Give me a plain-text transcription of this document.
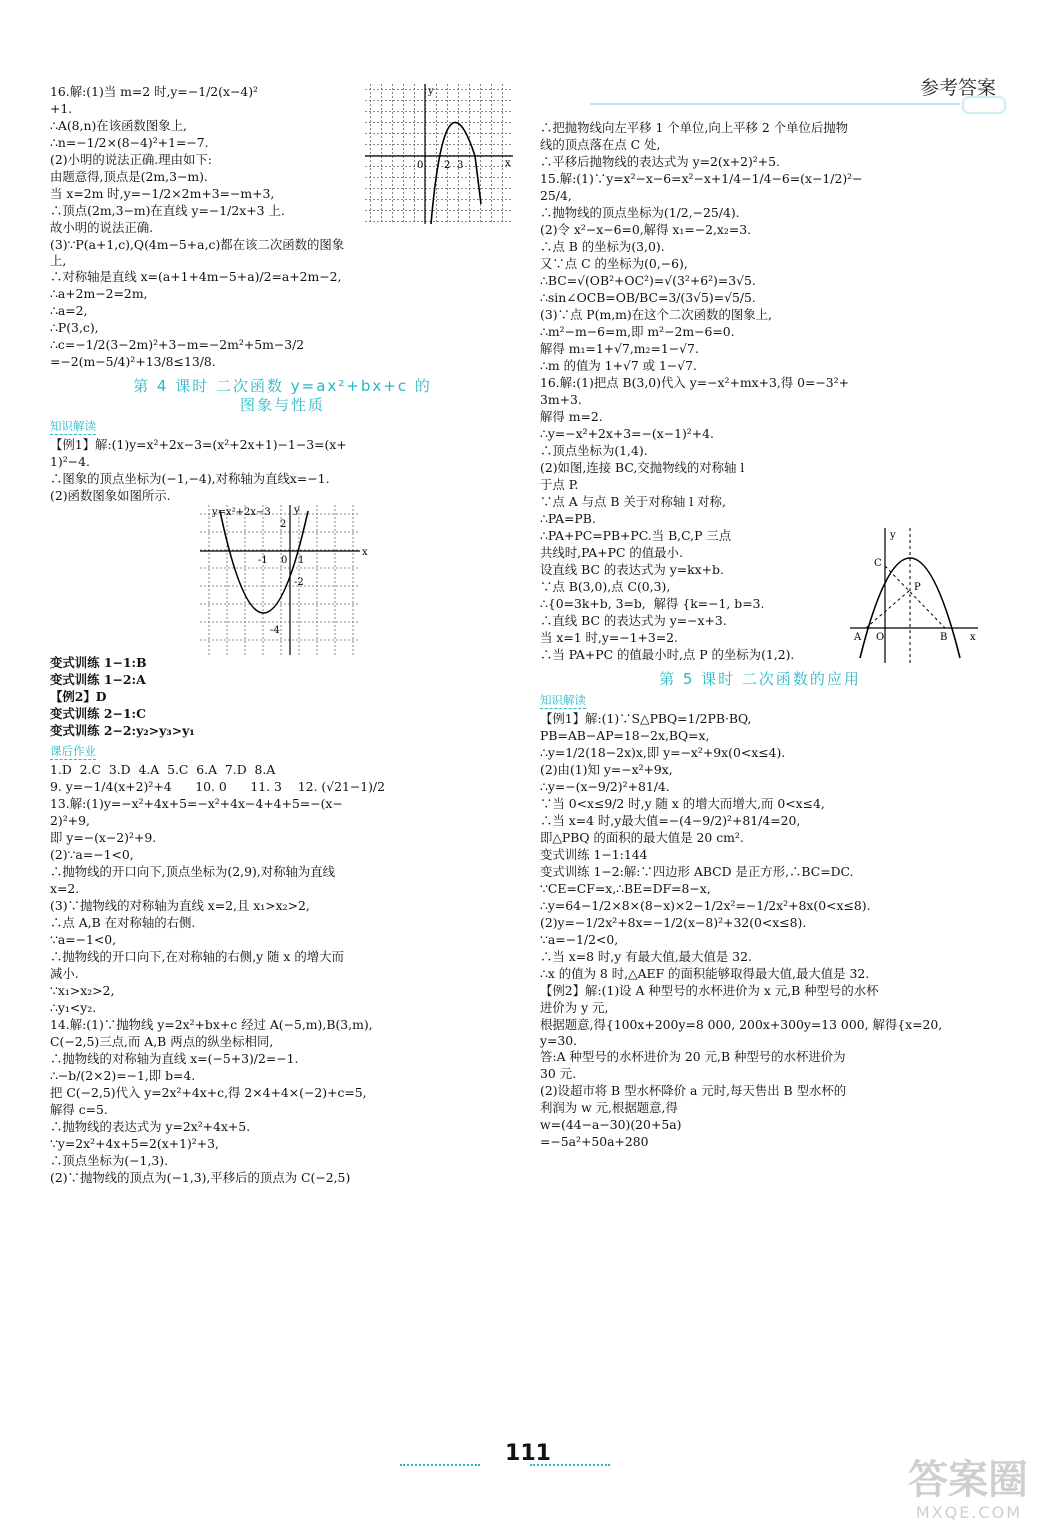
参考答案
y
x
0 2 3
16.解:(1)当 m=2 时,y=−1/2(x−4)²
+1.
∴A(8,n)在该函数图象上,
∴n=−1/2×(8−4)²+1=−7.
(2)小明的说法正确.理由如下:
由题意得,顶点是(2m,3−m).
当 x=2m 时,y=−1/2×2m+3=−m+3,
∴顶点(2m,3−m)在直线 y=−1/2x+3 上.
故小明的说法正确.
(3)∵P(a+1,c),Q(4m−5+a,c)都在该二次函数的图象上,
∴对称轴是直线 x=(a+1+4m−5+a)/2=a+2m−2,
∴a+2m−2=2m,
∴a=2,
∴P(3,c),
∴c=−1/2(3−2m)²+3−m=−2m²+5m−3/2
=−2(m−5/4)²+13/8≤13/8.
第 4 课时 二次函数 y=ax²+bx+c 的
图象与性质
知识解读
【例1】解:(1)y=x²+2x−3=(x²+2x+1)−1−3=(x+
1)²−4.
∴图象的顶点坐标为(−1,−4),对称轴为直线x=−1.
(2)函数图象如图所示.
y=x²+2x−3 y
x
2
-1 0 1
-2
-4
变式训练 1−1:B
变式训练 1−2:A
【例2】D
变式训练 2−1:C
变式训练 2−2:y₂>y₃>y₁
课后作业
1.D  2.C  3.D  4.A  5.C  6.A  7.D  8.A
9. y=−1/4(x+2)²+4      10. 0      11. 3    12. (√21−1)/2
13.解:(1)y=−x²+4x+5=−x²+4x−4+4+5=−(x−
2)²+9,
即 y=−(x−2)²+9.
(2)∵a=−1<0,
∴抛物线的开口向下,顶点坐标为(2,9),对称轴为直线
x=2.
(3)∵抛物线的对称轴为直线 x=2,且 x₁>x₂>2,
∴点 A,B 在对称轴的右侧.
∵a=−1<0,
∴抛物线的开口向下,在对称轴的右侧,y 随 x 的增大而
减小.
∵x₁>x₂>2,
∴y₁<y₂.
14.解:(1)∵抛物线 y=2x²+bx+c 经过 A(−5,m),B(3,m),
C(−2,5)三点,而 A,B 两点的纵坐标相同,
∴抛物线的对称轴为直线 x=(−5+3)/2=−1.
∴−b/(2×2)=−1,即 b=4.
把 C(−2,5)代入 y=2x²+4x+c,得 2×4+4×(−2)+c=5,
解得 c=5.
∴抛物线的表达式为 y=2x²+4x+5.
∵y=2x²+4x+5=2(x+1)²+3,
∴顶点坐标为(−1,3).
(2)∵抛物线的顶点为(−1,3),平移后的顶点为 C(−2,5)
y
C
P
A O	B x
∴把抛物线向左平移 1 个单位,向上平移 2 个单位后抛物
线的顶点落在点 C 处,
∴平移后抛物线的表达式为 y=2(x+2)²+5.
15.解:(1)∵y=x²−x−6=x²−x+1/4−1/4−6=(x−1/2)²−
25/4,
∴抛物线的顶点坐标为(1/2,−25/4).
(2)令 x²−x−6=0,解得 x₁=−2,x₂=3.
∴点 B 的坐标为(3,0).
又∵点 C 的坐标为(0,−6),
∴BC=√(OB²+OC²)=√(3²+6²)=3√5.
∴sin∠OCB=OB/BC=3/(3√5)=√5/5.
(3)∵点 P(m,m)在这个二次函数的图象上,
∴m²−m−6=m,即 m²−2m−6=0.
解得 m₁=1+√7,m₂=1−√7.
∴m 的值为 1+√7 或 1−√7.
16.解:(1)把点 B(3,0)代入 y=−x²+mx+3,得 0=−3²+
3m+3.
解得 m=2.
∴y=−x²+2x+3=−(x−1)²+4.
∴顶点坐标为(1,4).
(2)如图,连接 BC,交抛物线的对称轴 l
于点 P.
∵点 A 与点 B 关于对称轴 l 对称,
∴PA=PB.
∴PA+PC=PB+PC.当 B,C,P 三点
共线时,PA+PC 的值最小.
设直线 BC 的表达式为 y=kx+b.
∵点 B(3,0),点 C(0,3),
∴{0=3k+b, 3=b,  解得 {k=−1, b=3.
∴直线 BC 的表达式为 y=−x+3.
当 x=1 时,y=−1+3=2.
∴当 PA+PC 的值最小时,点 P 的坐标为(1,2).
第 5 课时 二次函数的应用
知识解读
【例1】解:(1)∵S△PBQ=1/2PB·BQ,
PB=AB−AP=18−2x,BQ=x,
∴y=1/2(18−2x)x,即 y=−x²+9x(0<x≤4).
(2)由(1)知 y=−x²+9x,
∴y=−(x−9/2)²+81/4.
∵当 0<x≤9/2 时,y 随 x 的增大而增大,而 0<x≤4,
∴当 x=4 时,y最大值=−(4−9/2)²+81/4=20,
即△PBQ 的面积的最大值是 20 cm².
变式训练 1−1:144
变式训练 1−2:解:∵四边形 ABCD 是正方形,∴BC=DC.
∵CE=CF=x,∴BE=DF=8−x,
∴y=64−1/2×8×(8−x)×2−1/2x²=−1/2x²+8x(0<x≤8).
(2)y=−1/2x²+8x=−1/2(x−8)²+32(0<x≤8).
∵a=−1/2<0,
∴当 x=8 时,y 有最大值,最大值是 32.
∴x 的值为 8 时,△AEF 的面积能够取得最大值,最大值是 32.
【例2】解:(1)设 A 种型号的水杯进价为 x 元,B 种型号的水杯
进价为 y 元,
根据题意,得{100x+200y=8 000, 200x+300y=13 000, 解得{x=20, y=30.
答:A 种型号的水杯进价为 20 元,B 种型号的水杯进价为
30 元.
(2)设超市将 B 型水杯降价 a 元时,每天售出 B 型水杯的
利润为 w 元,根据题意,得
w=(44−a−30)(20+5a)
=−5a²+50a+280
111
答案圈
MXQE.COM
